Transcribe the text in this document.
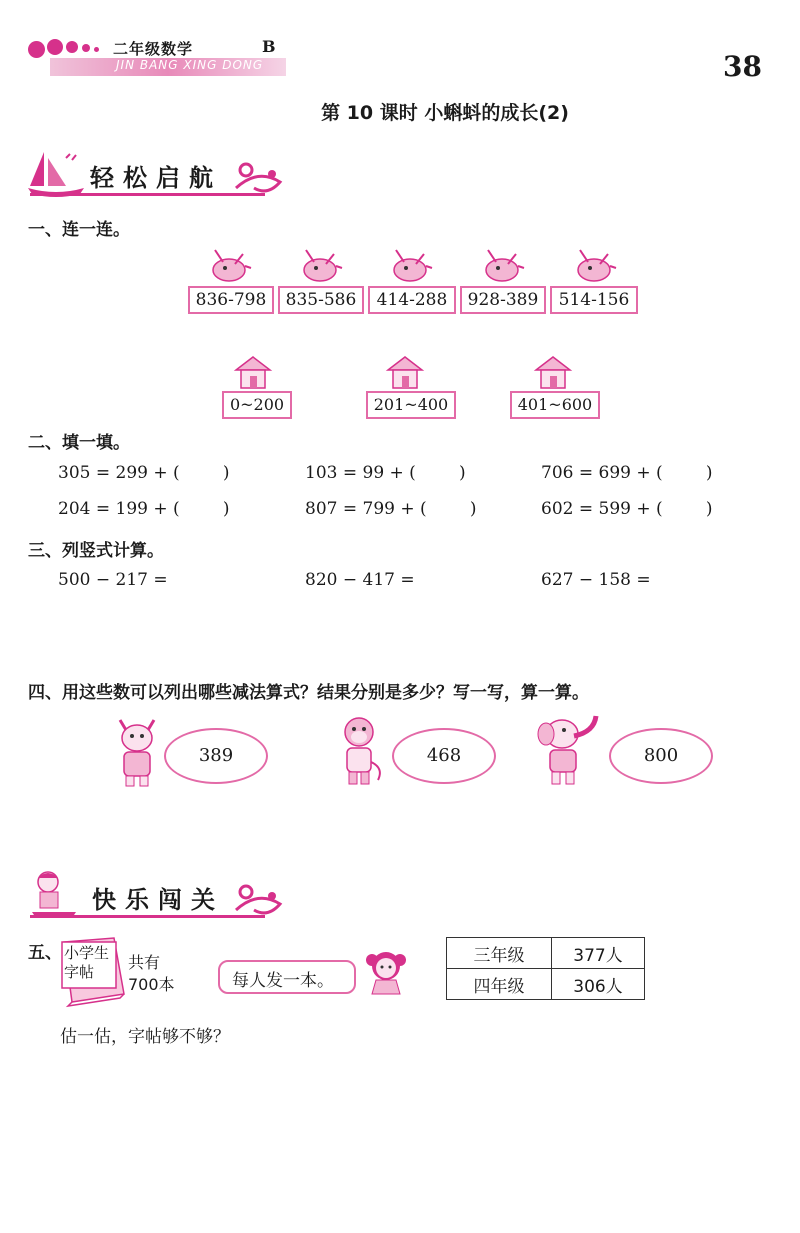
二年级数学	B
JIN BANG XING DONG	38
第 10 课时 小蝌蚪的成长(2)
轻松启航
一、连一连。
836-798	835-586	414-288	928-389	514-156
0~200	201~400	401~600
二、填一填。
305 = 299 + (        )	103 = 99 + (        )	706 = 699 + (        )
204 = 199 + (        )	807 = 799 + (        )	602 = 599 + (        )
三、列竖式计算。
500 − 217 =	820 − 417 =	627 − 158 =
四、用这些数可以列出哪些减法算式？结果分别是多少？写一写，算一算。
389	468	800
快乐闯关
五、 小学生
字帖	共有
700本	每人发一本。
三年级	377人
四年级	306人
估一估，字帖够不够？
